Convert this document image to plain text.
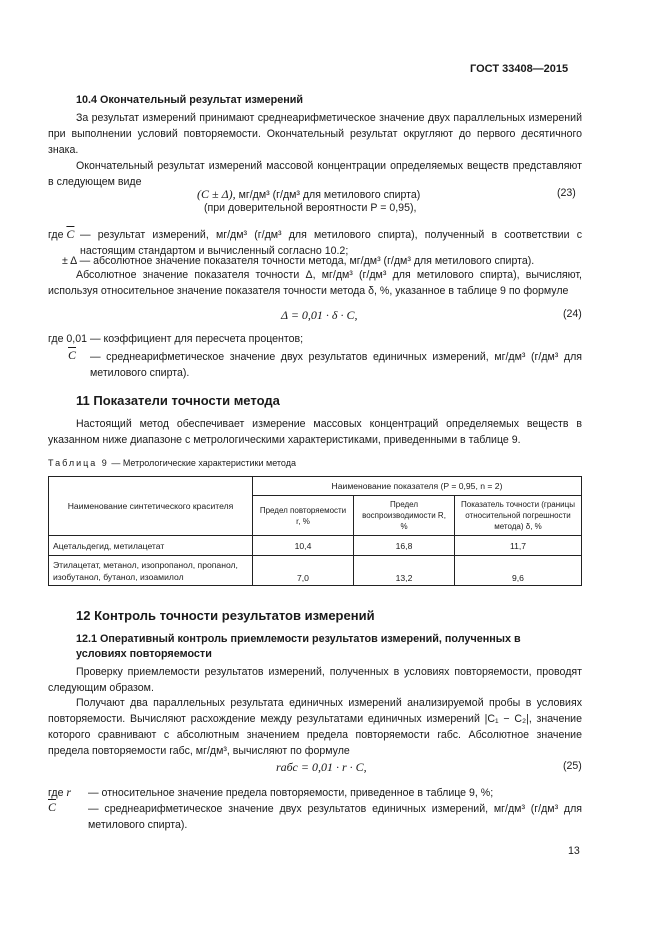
ГОСТ 33408—2015
10.4 Окончательный результат измерений

За результат измерений принимают среднеарифметическое значение двух параллельных измерений при выполнении условий повторяемости. Окончательный результат округляют до первого десятичного знака.

Окончательный результат измерений массовой концентрации определяемых веществ представляют в следующем виде

(C ± Δ), мг/дм³ (г/дм³ для метилового спирта)
(при доверительной вероятности P = 0,95),
(23)
где $\overline{C}$ — результат измерений, мг/дм³ (г/дм³ для метилового спирта), полученный в соответствии с настоящим стандартом и вычисленный согласно 10.2;

± Δ — абсолютное значение показателя точности метода, мг/дм³ (г/дм³ для метилового спирта).

Абсолютное значение показателя точности Δ, мг/дм³ (г/дм³ для метилового спирта), вычисляют, используя относительное значение показателя точности метода δ, %, указанное в таблице 9 по формуле

Δ = 0,01 · δ · C,	(24)
где 0,01 — коэффициент для пересчета процентов;
$\overline{C}$ — среднеарифметическое значение двух результатов единичных измерений, мг/дм³ (г/дм³ для метилового спирта).

11 Показатели точности метода

Настоящий метод обеспечивает измерение массовых концентраций определяемых веществ в указанном ниже диапазоне с метрологическими характеристиками, приведенными в таблице 9.

Таблица 9 — Метрологические характеристики метода
Наименование синтетического красителя	Наименование показателя (P = 0,95, n = 2)		
	Предел повторяемости r, %	Предел воспроизводимости R, %	Показатель точности (границы относительной погрешности метода) δ, %
Ацетальдегид, метилацетат	10,4	16,8	11,7
Этилацетат, метанол, изопропанол, пропанол, изобутанол, бутанол, изоамилол	7,0	13,2	9,6
12 Контроль точности результатов измерений
12.1 Оперативный контроль приемлемости результатов измерений, полученных в условиях повторяемости

Проверку приемлемости результатов измерений, полученных в условиях повторяемости, проводят следующим образом.

Получают два параллельных результата единичных измерений анализируемой пробы в условиях повторяемости. Вычисляют расхождение между результатами единичных измерений |C₁ − C₂|, значение которого сравнивают с абсолютным значением предела повторяемости rабс. Абсолютное значение предела повторяемости rабс, мг/дм³, вычисляют по формуле

rабс = 0,01 · r · C,	(25)
где r — относительное значение предела повторяемости, приведенное в таблице 9, %;

$\overline{C}$	— среднеарифметическое значение двух результатов единичных измерений, мг/дм³ (г/дм³ для метилового спирта).

13
